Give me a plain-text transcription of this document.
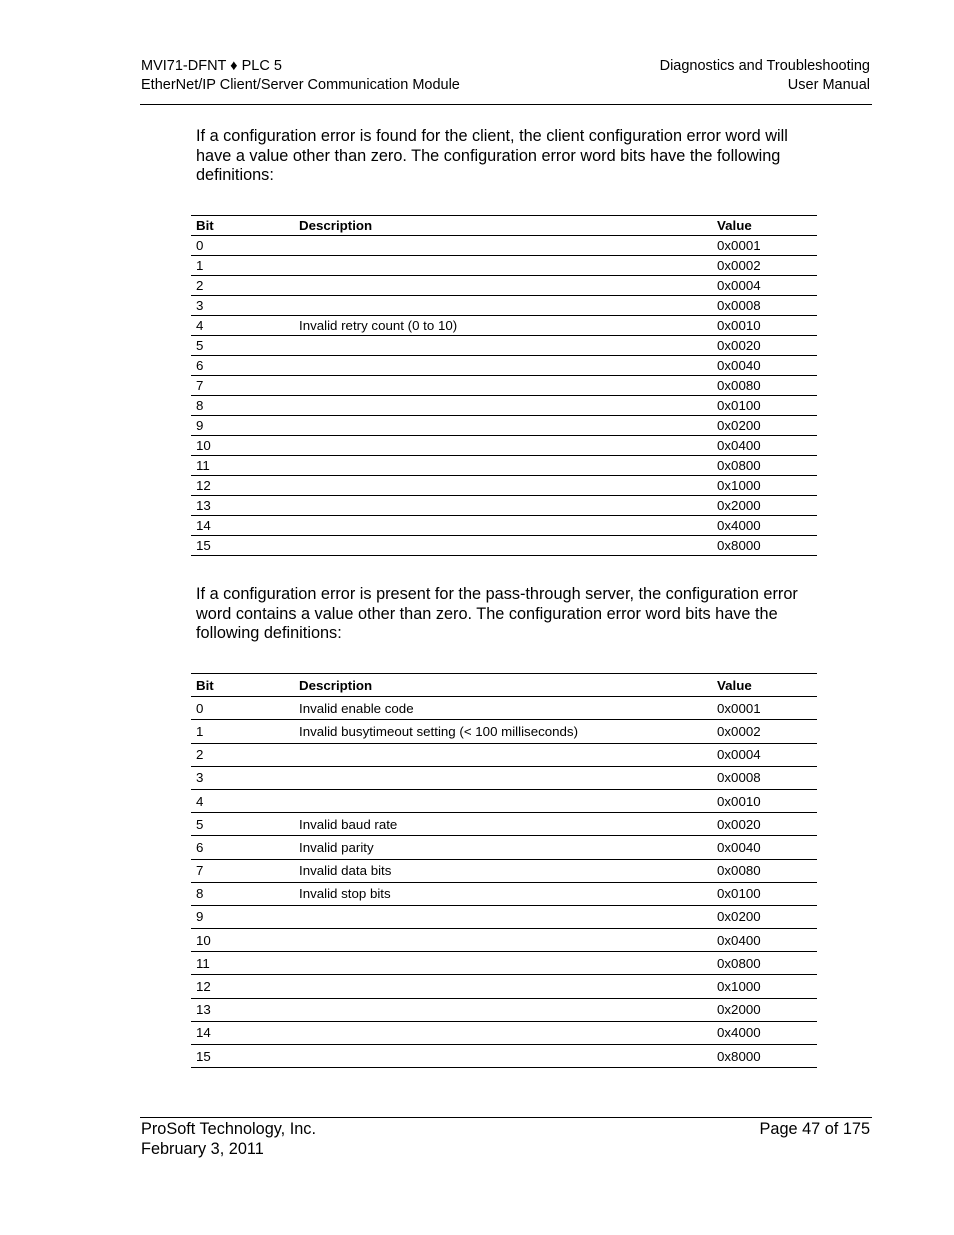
MVI71-DFNT ♦ PLC 5
EtherNet/IP Client/Server Communication Module
Diagnostics and Troubleshooting
User Manual
If a configuration error is found for the client, the client configuration error word will have a value other than zero. The configuration error word bits have the following definitions:
Bit	Description	Value
0		0x0001
1		0x0002
2		0x0004
3		0x0008
4	Invalid retry count (0 to 10)	0x0010
5		0x0020
6		0x0040
7		0x0080
8		0x0100
9		0x0200
10		0x0400
11		0x0800
12		0x1000
13		0x2000
14		0x4000
15		0x8000
If a configuration error is present for the pass-through server, the configuration error word contains a value other than zero. The configuration error word bits have the following definitions:
Bit	Description	Value
0	Invalid enable code	0x0001
1	Invalid busytimeout setting (< 100 milliseconds)	0x0002
2		0x0004
3		0x0008
4		0x0010
5	Invalid baud rate	0x0020
6	Invalid parity	0x0040
7	Invalid data bits	0x0080
8	Invalid stop bits	0x0100
9		0x0200
10		0x0400
11		0x0800
12		0x1000
13		0x2000
14		0x4000
15		0x8000
ProSoft Technology, Inc.
February 3, 2011
Page 47 of 175
